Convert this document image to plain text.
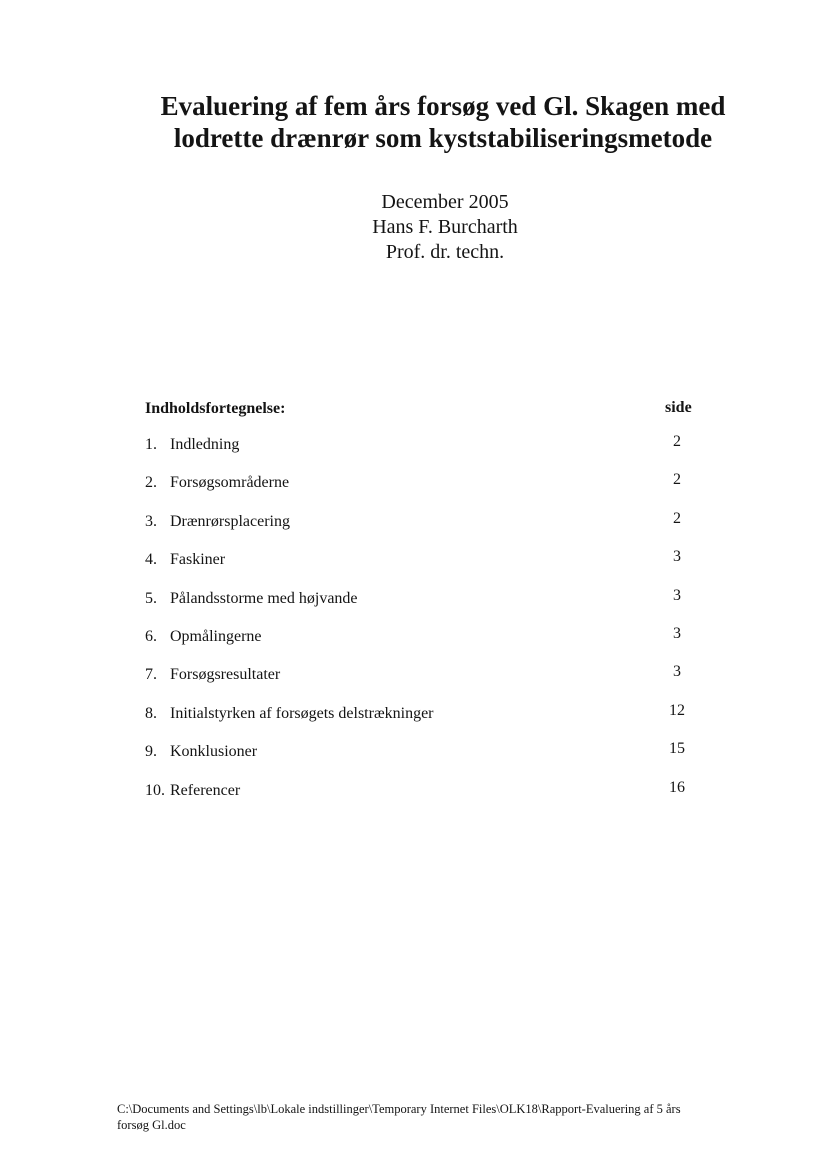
Evaluering af fem års forsøg ved Gl. Skagen med
lodrette drænrør som kyststabiliseringsmetode
December 2005
Hans F. Burcharth
Prof. dr. techn.
Indholdsfortegnelse:	side
1. Indledning	2
2. Forsøgsområderne	2
3. Drænrørsplacering	2
4. Faskiner	3
5. Pålandsstorme med højvande	3
6. Opmålingerne	3
7. Forsøgsresultater	3
8. Initialstyrken af forsøgets delstrækninger	12
9. Konklusioner	15
10. Referencer	16
C:\Documents and Settings\lb\Lokale indstillinger\Temporary Internet Files\OLK18\Rapport-Evaluering af 5 års
forsøg Gl.doc
